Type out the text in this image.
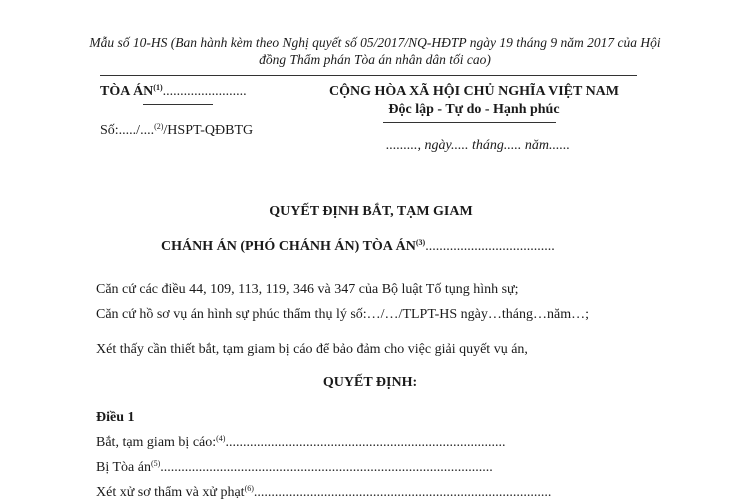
Mẫu số 10-HS (Ban hành kèm theo Nghị quyết số 05/2017/NQ-HĐTP ngày 19 tháng 9 năm 2017 của Hội
đồng Thẩm phán Tòa án nhân dân tối cao)
TÒA ÁN$^{(1)}$........................
Số:...../....$^{(2)}$/HSPT-QĐBTG
CỘNG HÒA XÃ HỘI CHỦ NGHĨA VIỆT NAM
Độc lập - Tự do - Hạnh phúc
........., ngày..... tháng..... năm......
QUYẾT ĐỊNH BẮT, TẠM GIAM
CHÁNH ÁN (PHÓ CHÁNH ÁN) TÒA ÁN$^{(3)}$.....................................
Căn cứ các điều 44, 109, 113, 119, 346 và 347 của Bộ luật Tố tụng hình sự;
Căn cứ hồ sơ vụ án hình sự phúc thẩm thụ lý số:…/…/TLPT-HS ngày…tháng…năm…;
Xét thấy cần thiết bắt, tạm giam bị cáo để bảo đảm cho việc giải quyết vụ án,
QUYẾT ĐỊNH:
Điều 1
Bắt, tạm giam bị cáo:$^{(4)}$................................................................................
Bị Tòa $án^{(5)}$...............................................................................................
Xét xử sơ thẩm và xử phạt$^{(6)}$.....................................................................................
